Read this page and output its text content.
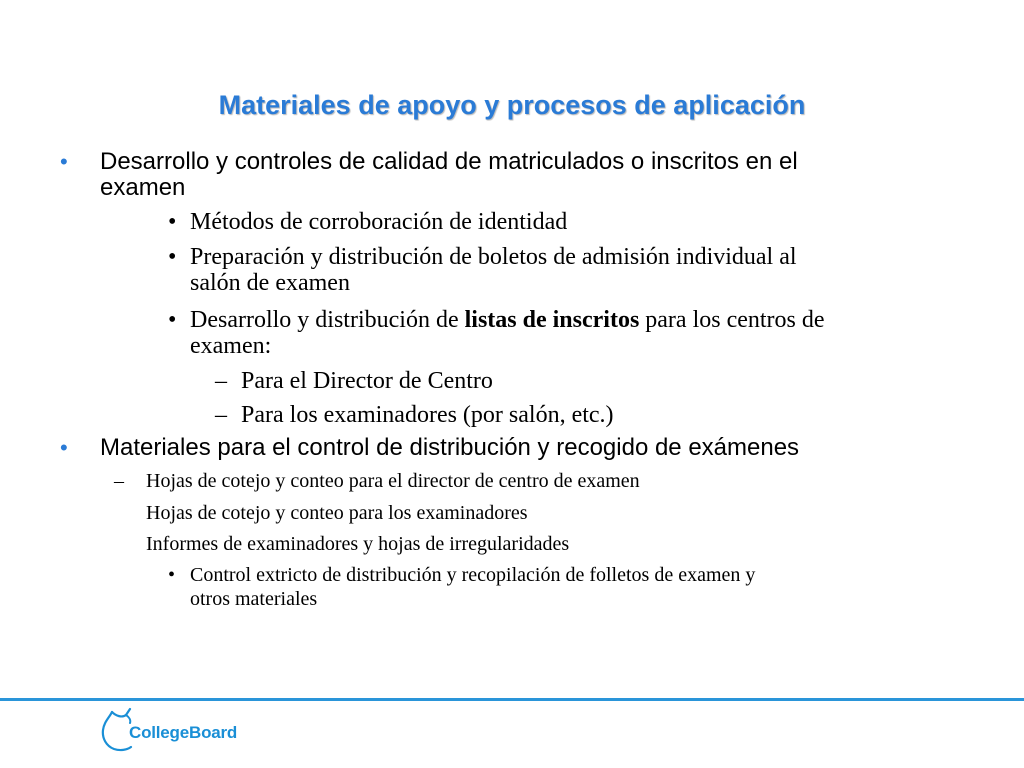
Materiales de apoyo y procesos de aplicación

• Desarrollo y controles de calidad de matriculados o inscritos en el
examen

• Métodos de corroboración de identidad

• Preparación y distribución de boletos de admisión individual al
salón de examen

• Desarrollo y distribución de listas de inscritos para los centros de
examen:

– Para el Director de Centro

– Para los examinadores (por salón, etc.)

• Materiales para el control de distribución y recogido de exámenes

– Hojas de cotejo y conteo para el director de centro de examen

Hojas de cotejo y conteo para los examinadores

Informes de examinadores y hojas de irregularidades

• Control extricto de distribución y recopilación de folletos de examen y
otros materiales

CollegeBoard
